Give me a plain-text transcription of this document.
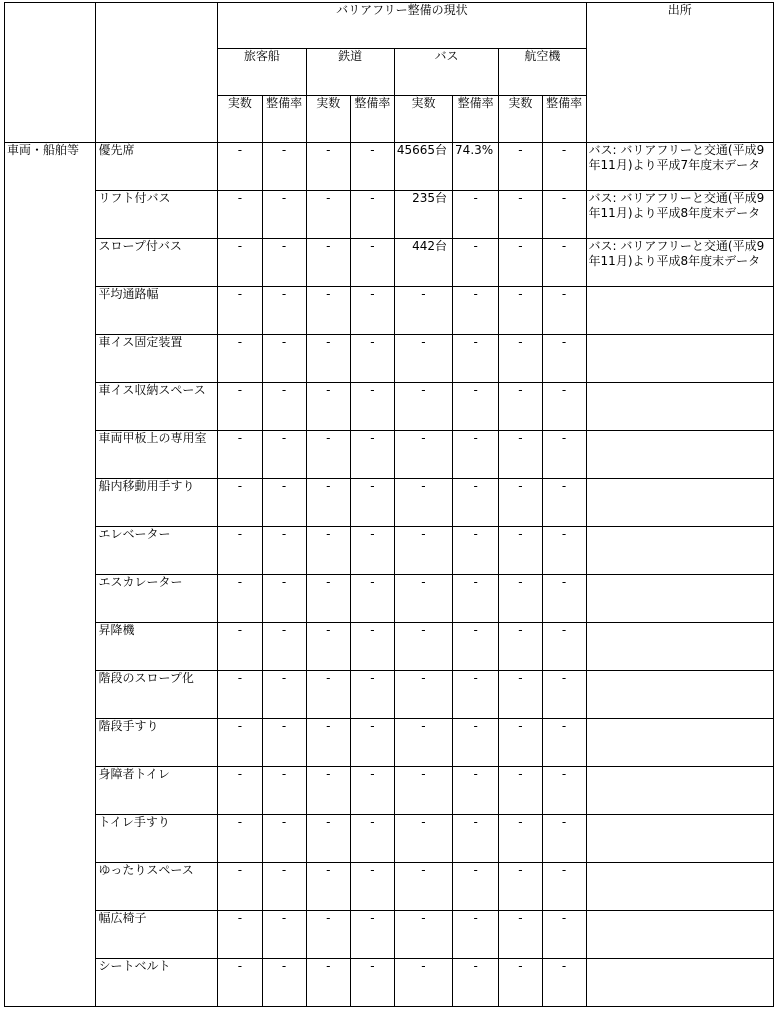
		バリアフリー整備の現状								出所
		旅客船		鉄道		バス		航空機		
		実数	整備率	実数	整備率	実数	整備率	実数	整備率	
車両・船舶等	優先席	-	-	-	-	45665台	74.3%	-	-	バス: バリアフリーと交通(平成9年11月)より平成7年度末データ
	リフト付バス	-	-	-	-	235台	-	-	-	バス: バリアフリーと交通(平成9年11月)より平成8年度末データ
	スロープ付バス	-	-	-	-	442台	-	-	-	バス: バリアフリーと交通(平成9年11月)より平成8年度末データ
	平均通路幅	-	-	-	-	-	-	-	-	
	車イス固定装置	-	-	-	-	-	-	-	-	
	車イス収納スペース	-	-	-	-	-	-	-	-	
	車両甲板上の専用室	-	-	-	-	-	-	-	-	
	船内移動用手すり	-	-	-	-	-	-	-	-	
	エレベーター	-	-	-	-	-	-	-	-	
	エスカレーター	-	-	-	-	-	-	-	-	
	昇降機	-	-	-	-	-	-	-	-	
	階段のスロープ化	-	-	-	-	-	-	-	-	
	階段手すり	-	-	-	-	-	-	-	-	
	身障者トイレ	-	-	-	-	-	-	-	-	
	トイレ手すり	-	-	-	-	-	-	-	-	
	ゆったりスペース	-	-	-	-	-	-	-	-	
	幅広椅子	-	-	-	-	-	-	-	-	
	シートベルト	-	-	-	-	-	-	-	-	
